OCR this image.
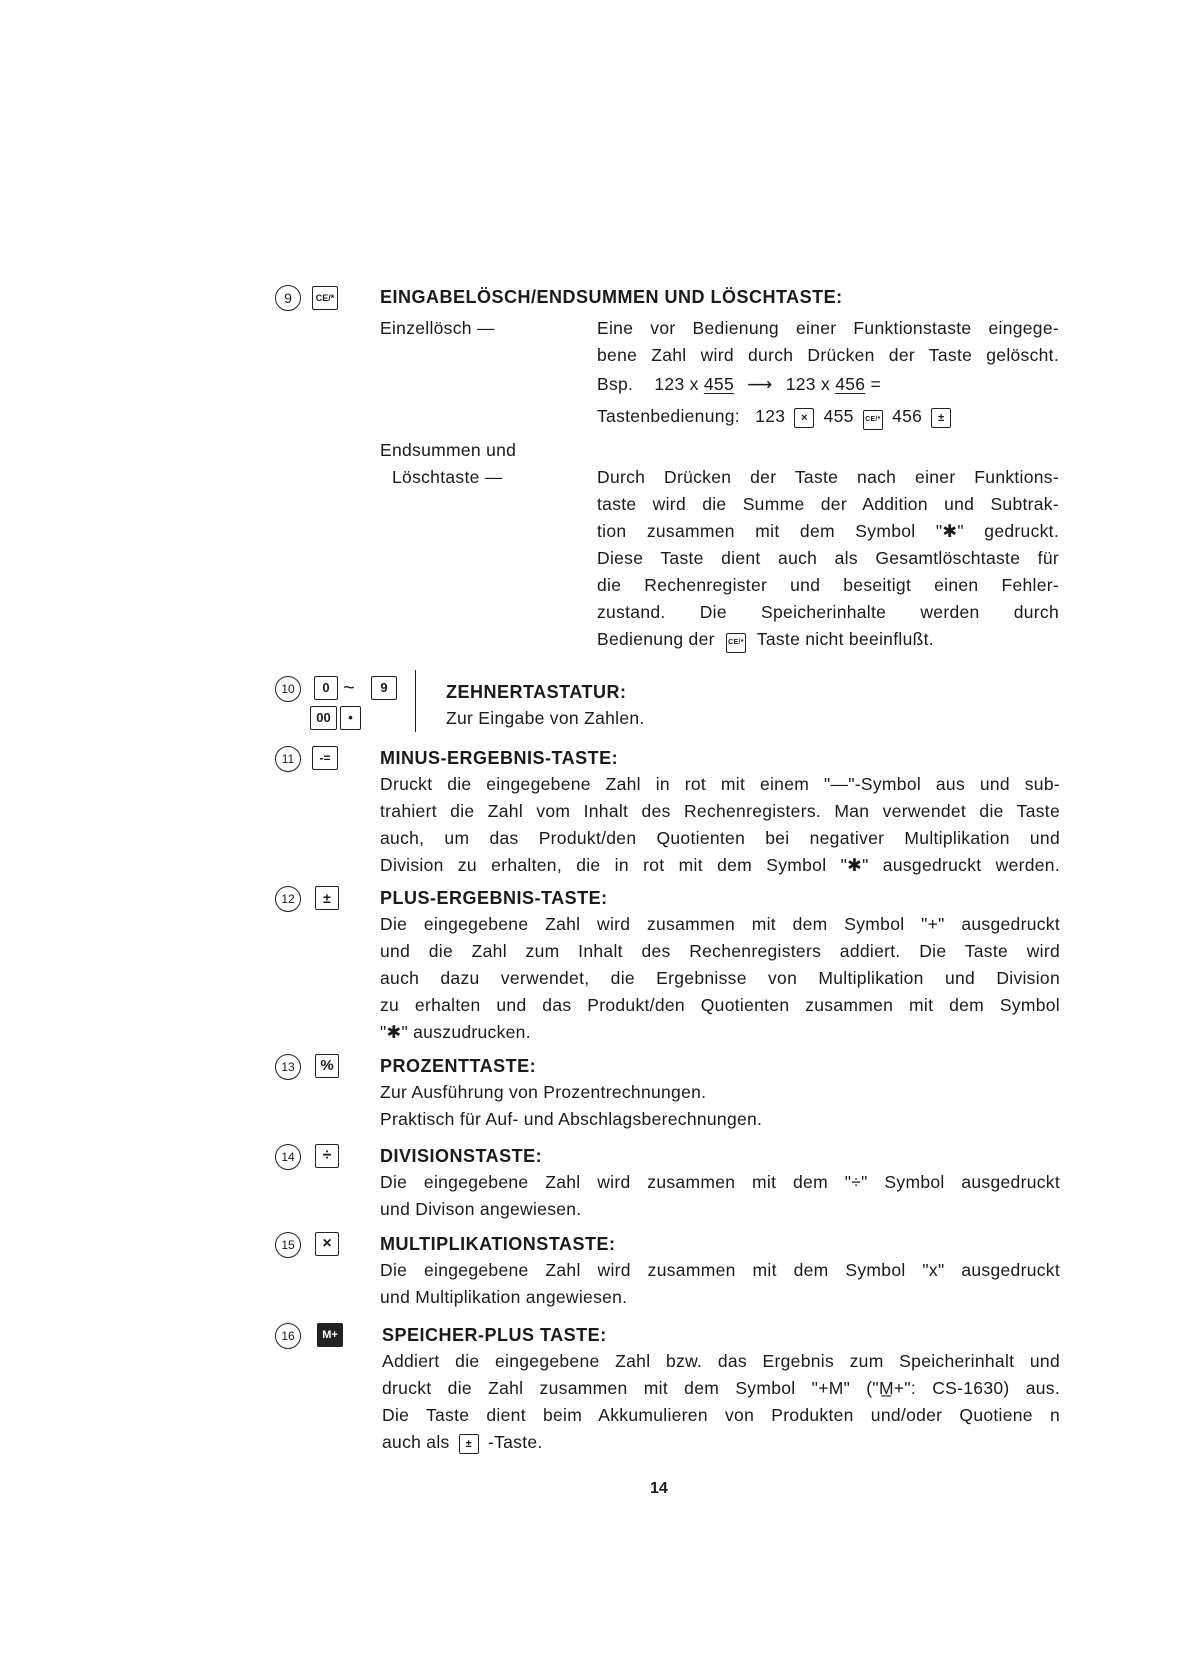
9	CE/*	EINGABELÖSCH/ENDSUMMEN UND LÖSCHTASTE:
Einzellösch —	Eine vor Bedienung einer Funktionstaste eingege-
bene Zahl wird durch Drücken der Taste gelöscht.
Bsp. 123 x 455 ⟶ 123 x 456 =
Tastenbedienung: 123 × 455 CE/* 456 ±
Endsummen und
Löschtaste —	Durch Drücken der Taste nach einer Funktions-
taste wird die Summe der Addition und Subtrak-
tion zusammen mit dem Symbol "✱" gedruckt.
Diese Taste dient auch als Gesamtlöschtaste für
die Rechenregister und beseitigt einen Fehler-
zustand. Die Speicherinhalte werden durch
Bedienung der CE/* Taste nicht beeinflußt.
10	0 ~	9
00	•
ZEHNERTASTATUR:
Zur Eingabe von Zahlen.
11	-=	MINUS-ERGEBNIS-TASTE:
Druckt die eingegebene Zahl in rot mit einem "—"-Symbol aus und sub-
trahiert die Zahl vom Inhalt des Rechenregisters. Man verwendet die Taste
auch, um das Produkt/den Quotienten bei negativer Multiplikation und
Division zu erhalten, die in rot mit dem Symbol "✱" ausgedruckt werden.
12	±	PLUS-ERGEBNIS-TASTE:
Die eingegebene Zahl wird zusammen mit dem Symbol "+" ausgedruckt
und die Zahl zum Inhalt des Rechenregisters addiert. Die Taste wird
auch dazu verwendet, die Ergebnisse von Multiplikation und Division
zu erhalten und das Produkt/den Quotienten zusammen mit dem Symbol
"✱" auszudrucken.
13	%	PROZENTTASTE:
Zur Ausführung von Prozentrechnungen.
Praktisch für Auf- und Abschlagsberechnungen.
14	÷	DIVISIONSTASTE:
Die eingegebene Zahl wird zusammen mit dem "÷" Symbol ausgedruckt
und Divison angewiesen.
15	×	MULTIPLIKATIONSTASTE:
Die eingegebene Zahl wird zusammen mit dem Symbol "x" ausgedruckt
und Multiplikation angewiesen.
16	M+ SPEICHER-PLUS TASTE:
Addiert die eingegebene Zahl bzw. das Ergebnis zum Speicherinhalt und
druckt die Zahl zusammen mit dem Symbol "+M" ("M̲+": CS-1630) aus.
Die Taste dient beim Akkumulieren von Produkten und/oder Quotiene n
auch als ± -Taste.
14
